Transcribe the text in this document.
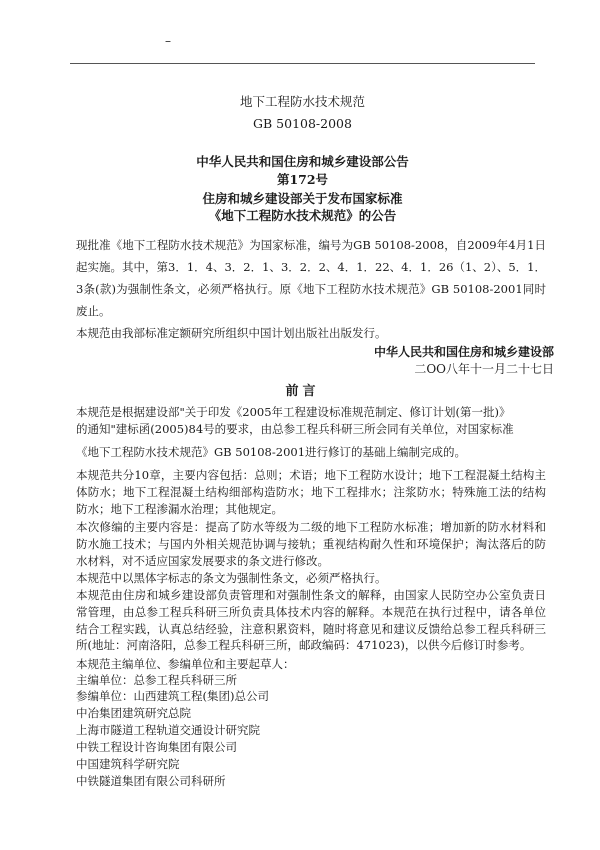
–
地下工程防水技术规范
GB 50108-2008
中华人民共和国住房和城乡建设部公告
第172号
住房和城乡建设部关于发布国家标准
《地下工程防水技术规范》的公告
现批准《地下工程防水技术规范》为国家标准，编号为GB 50108-2008，自2009年4月1日起实施。其中，第3．1．4、3．2．1、3．2．2、4．1．22、4．1．26（1、2）、5．1．3条(款)为强制性条文，必须严格执行。原《地下工程防水技术规范》GB 50108-2001同时废止。
本规范由我部标准定额研究所组织中国计划出版社出版发行。
中华人民共和国住房和城乡建设部
二OO八年十一月二十七日
前言
本规范是根据建设部"关于印发《2005年工程建设标准规范制定、修订计划(第一批)》
的通知"建标函(2005)84号的要求，由总参工程兵科研三所会同有关单位，对国家标准
《地下工程防水技术规范》GB 50108-2001进行修订的基础上编制完成的。
本规范共分10章，主要内容包括：总则；术语；地下工程防水设计；地下工程混凝土结构主体防水；地下工程混凝土结构细部构造防水；地下工程排水；注浆防水；特殊施工法的结构防水；地下工程渗漏水治理；其他规定。
本次修编的主要内容是：提高了防水等级为二级的地下工程防水标准；增加新的防水材料和防水施工技术；与国内外相关规范协调与接轨；重视结构耐久性和环境保护；淘汰落后的防水材料，对不适应国家发展要求的条文进行修改。
本规范中以黑体字标志的条文为强制性条文，必须严格执行。
本规范由住房和城乡建设部负责管理和对强制性条文的解释，由国家人民防空办公室负责日常管理，由总参工程兵科研三所负责具体技术内容的解释。本规范在执行过程中，请各单位结合工程实践，认真总结经验，注意积累资料，随时将意见和建议反馈给总参工程兵科研三所(地址：河南洛阳，总参工程兵科研三所，邮政编码：471023)，以供今后修订时参考。
本规范主编单位、参编单位和主要起草人：
主编单位：总参工程兵科研三所
参编单位：山西建筑工程(集团)总公司
中冶集团建筑研究总院
上海市隧道工程轨道交通设计研究院
中铁工程设计咨询集团有限公司
中国建筑科学研究院
中铁隧道集团有限公司科研所
